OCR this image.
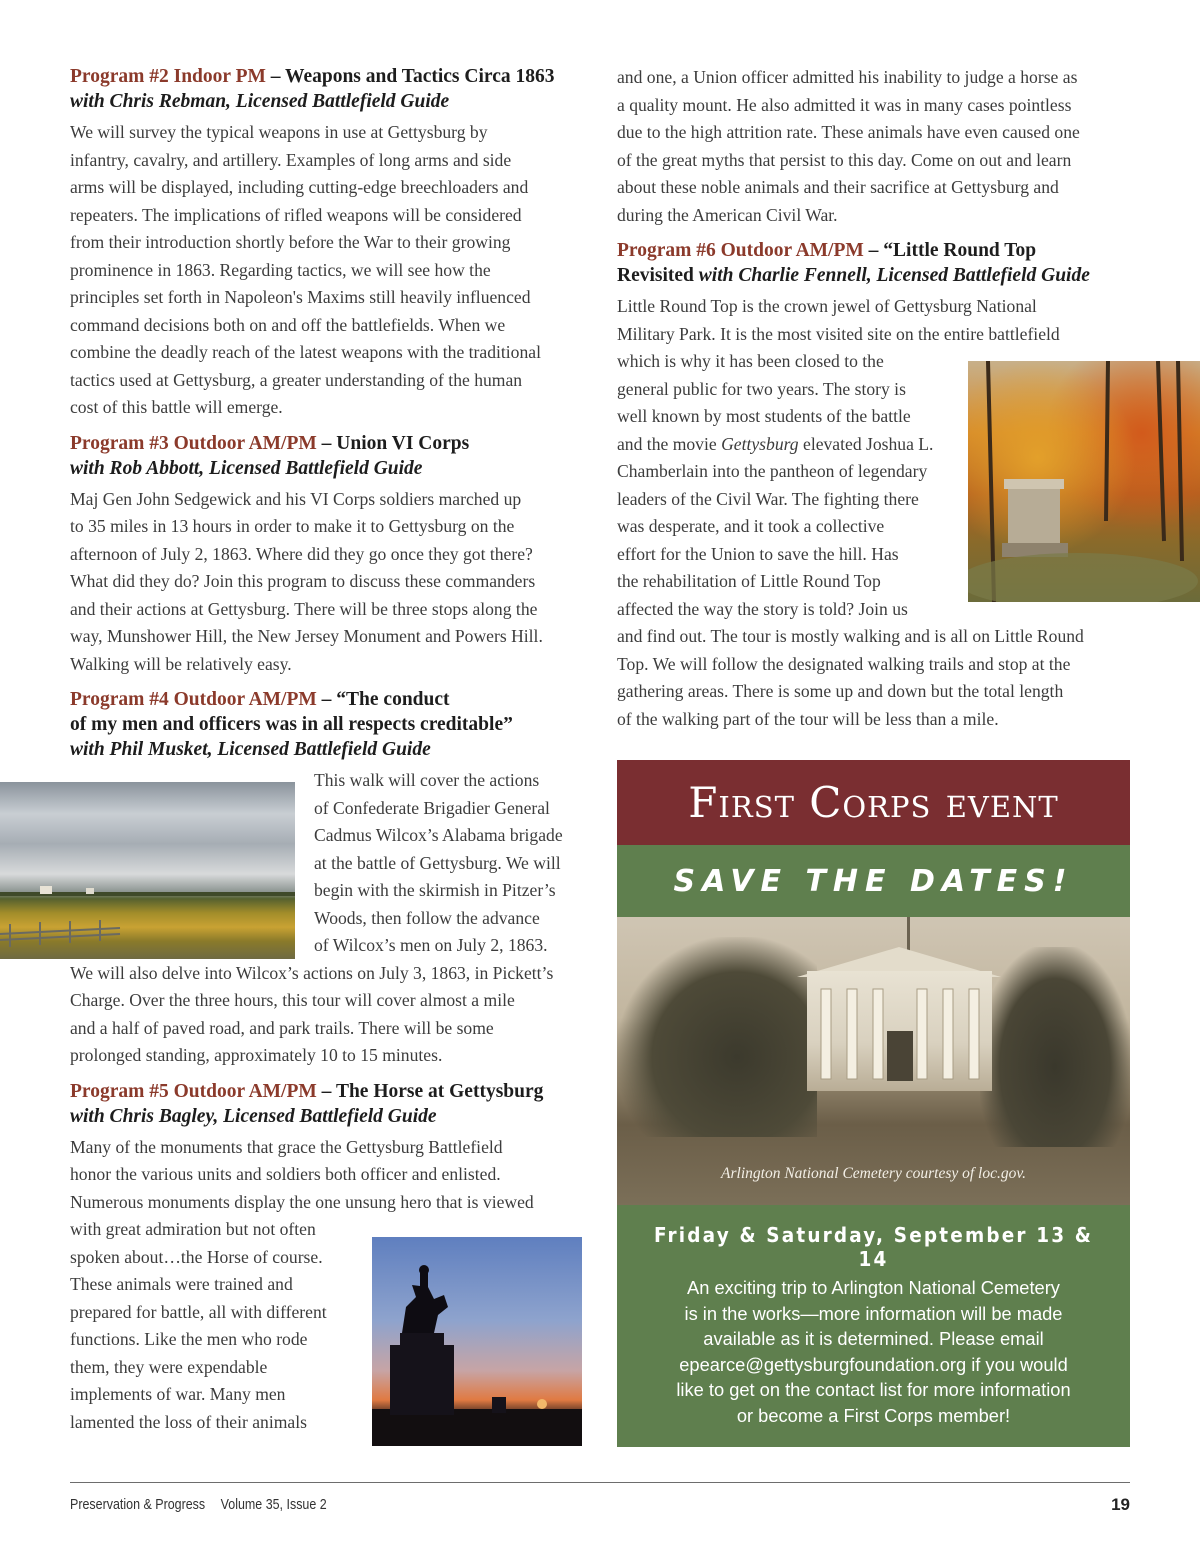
Program #2 Indoor PM – Weapons and Tactics Circa 1863
with Chris Rebman, Licensed Battlefield Guide
We will survey the typical weapons in use at Gettysburg by
infantry, cavalry, and artillery. Examples of long arms and side
arms will be displayed, including cutting-edge breechloaders and
repeaters. The implications of rifled weapons will be considered
from their introduction shortly before the War to their growing
prominence in 1863. Regarding tactics, we will see how the
principles set forth in Napoleon's Maxims still heavily influenced
command decisions both on and off the battlefields. When we
combine the deadly reach of the latest weapons with the traditional
tactics used at Gettysburg, a greater understanding of the human
cost of this battle will emerge.
Program #3 Outdoor AM/PM – Union VI Corps
with Rob Abbott, Licensed Battlefield Guide
Maj Gen John Sedgewick and his VI Corps soldiers marched up
to 35 miles in 13 hours in order to make it to Gettysburg on the
afternoon of July 2, 1863. Where did they go once they got there?
What did they do? Join this program to discuss these commanders
and their actions at Gettysburg. There will be three stops along the
way, Munshower Hill, the New Jersey Monument and Powers Hill.
Walking will be relatively easy.
Program #4 Outdoor AM/PM – “The conduct
of my men and officers was in all respects creditable”
with Phil Musket, Licensed Battlefield Guide
This walk will cover the actions
of Confederate Brigadier General
Cadmus Wilcox’s Alabama brigade
at the battle of Gettysburg. We will
begin with the skirmish in Pitzer’s
Woods, then follow the advance
of Wilcox’s men on July 2, 1863.
We will also delve into Wilcox’s actions on July 3, 1863, in Pickett’s
Charge. Over the three hours, this tour will cover almost a mile
and a half of paved road, and park trails. There will be some
prolonged standing, approximately 10 to 15 minutes.
Program #5 Outdoor AM/PM – The Horse at Gettysburg
with Chris Bagley, Licensed Battlefield Guide
Many of the monuments that grace the Gettysburg Battlefield
honor the various units and soldiers both officer and enlisted.
Numerous monuments display the one unsung hero that is viewed
with great admiration but not often
spoken about…the Horse of course.
These animals were trained and
prepared for battle, all with different
functions. Like the men who rode
them, they were expendable
implements of war. Many men
lamented the loss of their animals
and one, a Union officer admitted his inability to judge a horse as
a quality mount. He also admitted it was in many cases pointless
due to the high attrition rate. These animals have even caused one
of the great myths that persist to this day. Come on out and learn
about these noble animals and their sacrifice at Gettysburg and
during the American Civil War.
Program #6 Outdoor AM/PM – “Little Round Top
Revisited with Charlie Fennell, Licensed Battlefield Guide
Little Round Top is the crown jewel of Gettysburg National
Military Park. It is the most visited site on the entire battlefield
which is why it has been closed to the
general public for two years. The story is
well known by most students of the battle
and the movie Gettysburg elevated Joshua L.
Chamberlain into the pantheon of legendary
leaders of the Civil War. The fighting there
was desperate, and it took a collective
effort for the Union to save the hill. Has
the rehabilitation of Little Round Top
affected the way the story is told? Join us
and find out. The tour is mostly walking and is all on Little Round
Top. We will follow the designated walking trails and stop at the
gathering areas. There is some up and down but the total length
of the walking part of the tour will be less than a mile.
First Corps event
SAVE THE DATES!
Arlington National Cemetery courtesy of loc.gov.
Friday & Saturday, September 13 & 14
An exciting trip to Arlington National Cemetery
is in the works—more information will be made
available as it is determined. Please email
epearce@gettysburgfoundation.org if you would
like to get on the contact list for more information
or become a First Corps member!
Preservation & Progress Volume 35, Issue 2	19
